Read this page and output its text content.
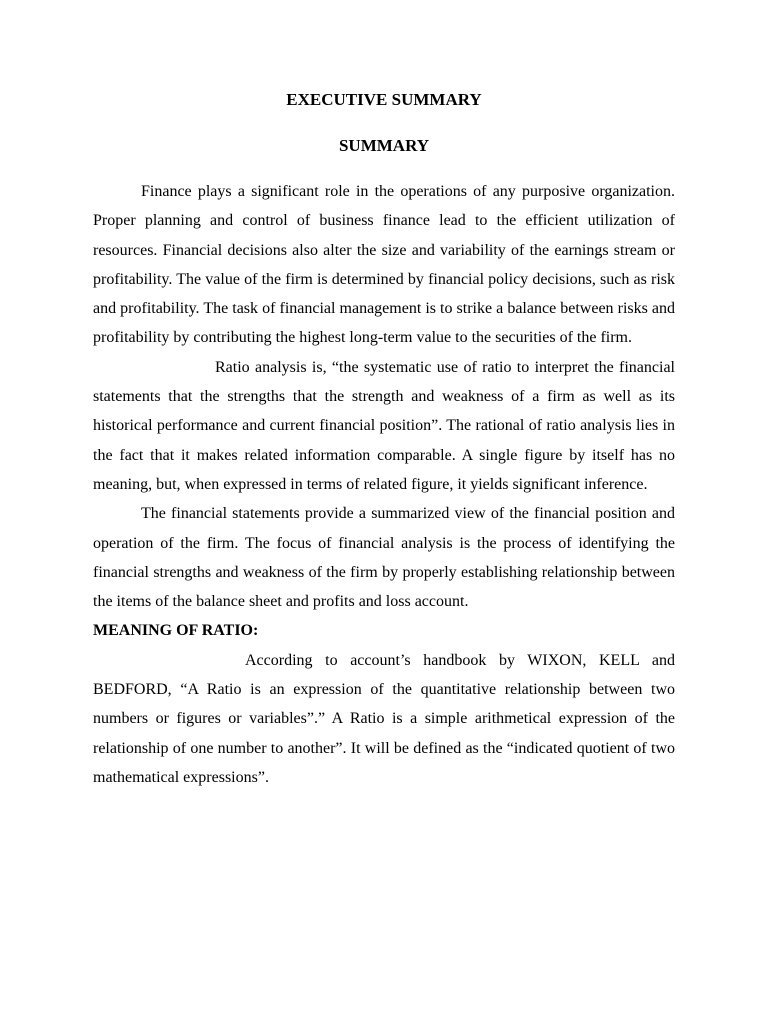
EXECUTIVE SUMMARY
SUMMARY

Finance plays a significant role in the operations of any purposive organization. Proper planning and control of business finance lead to the efficient utilization of resources. Financial decisions also alter the size and variability of the earnings stream or profitability. The value of the firm is determined by financial policy decisions, such as risk and profitability. The task of financial management is to strike a balance between risks and profitability by contributing the highest long-term value to the securities of the firm.

Ratio analysis is, “the systematic use of ratio to interpret the financial statements that the strengths that the strength and weakness of a firm as well as its historical performance and current financial position”. The rational of ratio analysis lies in the fact that it makes related information comparable. A single figure by itself has no meaning, but, when expressed in terms of related figure, it yields significant inference.

The financial statements provide a summarized view of the financial position and operation of the firm. The focus of financial analysis is the process of identifying the financial strengths and weakness of the firm by properly establishing relationship between the items of the balance sheet and profits and loss account.

MEANING OF RATIO:

According to account’s handbook by WIXON, KELL and BEDFORD, “A Ratio is an expression of the quantitative relationship between two numbers or figures or variables”.” A Ratio is a simple arithmetical expression of the relationship of one number to another”. It will be defined as the “indicated quotient of two mathematical expressions”.
